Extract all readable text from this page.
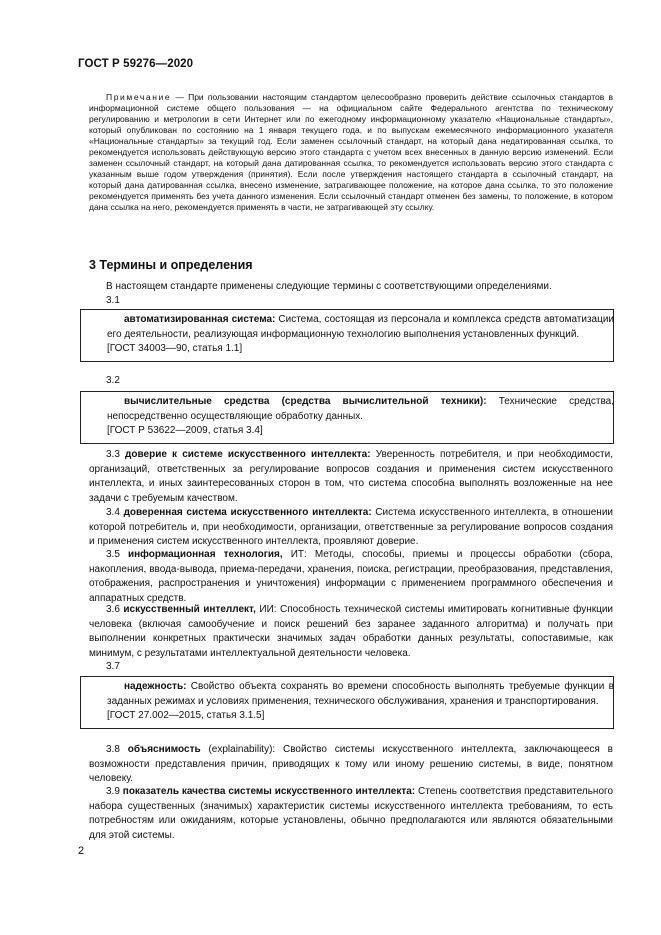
ГОСТ Р 59276—2020
Примечание — При пользовании настоящим стандартом целесообразно проверить действие ссылочных стандартов в информационной системе общего пользования — на официальном сайте Федерального агентства по техническому регулированию и метрологии в сети Интернет или по ежегодному информационному указателю «Национальные стандарты», который опубликован по состоянию на 1 января текущего года, и по выпускам ежемесячного информационного указателя «Национальные стандарты» за текущий год. Если заменен ссылочный стандарт, на который дана недатированная ссылка, то рекомендуется использовать действующую версию этого стандарта с учетом всех внесенных в данную версию изменений. Если заменен ссылочный стандарт, на который дана датированная ссылка, то рекомендуется использовать версию этого стандарта с указанным выше годом утверждения (принятия). Если после утверждения настоящего стандарта в ссылочный стандарт, на который дана датированная ссылка, внесено изменение, затрагивающее положение, на которое дана ссылка, то это положение рекомендуется применять без учета данного изменения. Если ссылочный стандарт отменен без замены, то положение, в котором дана ссылка на него, рекомендуется применять в части, не затрагивающей эту ссылку.
3 Термины и определения
В настоящем стандарте применены следующие термины с соответствующими определениями.
3.1
автоматизированная система: Система, состоящая из персонала и комплекса средств автоматизации его деятельности, реализующая информационную технологию выполнения установленных функций.
[ГОСТ 34003—90, статья 1.1]
3.2
вычислительные средства (средства вычислительной техники): Технические средства, непосредственно осуществляющие обработку данных.
[ГОСТ Р 53622—2009, статья 3.4]
3.3 доверие к системе искусственного интеллекта: Уверенность потребителя, и при необходимости, организаций, ответственных за регулирование вопросов создания и применения систем искусственного интеллекта, и иных заинтересованных сторон в том, что система способна выполнять возложенные на нее задачи с требуемым качеством.
3.4 доверенная система искусственного интеллекта: Система искусственного интеллекта, в отношении которой потребитель и, при необходимости, организации, ответственные за регулирование вопросов создания и применения систем искусственного интеллекта, проявляют доверие.
3.5 информационная технология, ИТ: Методы, способы, приемы и процессы обработки (сбора, накопления, ввода-вывода, приема-передачи, хранения, поиска, регистрации, преобразования, представления, отображения, распространения и уничтожения) информации с применением программного обеспечения и аппаратных средств.
3.6 искусственный интеллект, ИИ: Способность технической системы имитировать когнитивные функции человека (включая самообучение и поиск решений без заранее заданного алгоритма) и получать при выполнении конкретных практически значимых задач обработки данных результаты, сопоставимые, как минимум, с результатами интеллектуальной деятельности человека.
3.7
надежность: Свойство объекта сохранять во времени способность выполнять требуемые функции в заданных режимах и условиях применения, технического обслуживания, хранения и транспортирования.
[ГОСТ 27.002—2015, статья 3.1.5]
3.8 объяснимость (explainability): Свойство системы искусственного интеллекта, заключающееся в возможности представления причин, приводящих к тому или иному решению системы, в виде, понятном человеку.
3.9 показатель качества системы искусственного интеллекта: Степень соответствия представительного набора существенных (значимых) характеристик системы искусственного интеллекта требованиям, то есть потребностям или ожиданиям, которые установлены, обычно предполагаются или являются обязательными для этой системы.
2
